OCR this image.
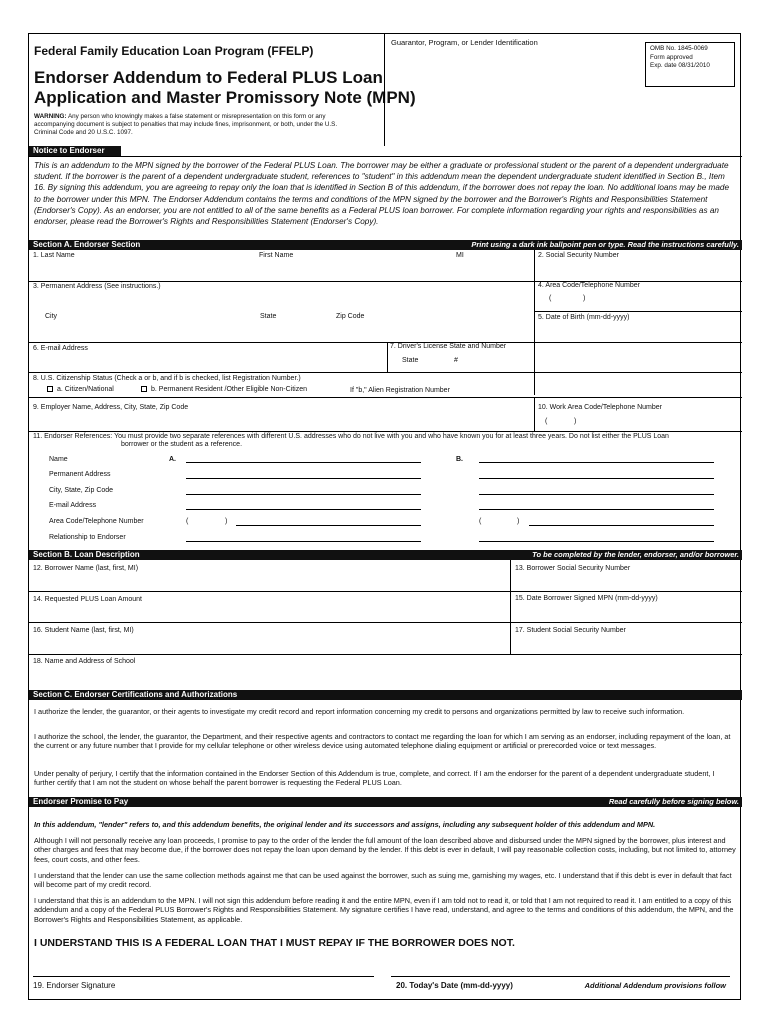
Federal Family Education Loan Program (FFELP)
Endorser Addendum to Federal PLUS Loan
Application and Master Promissory Note (MPN)
WARNING: Any person who knowingly makes a false statement or misrepresentation on this form or any accompanying document is subject to penalties that may include fines, imprisonment, or both, under the U.S. Criminal Code and 20 U.S.C. 1097.
Guarantor, Program, or Lender Identification
OMB No. 1845-0069
Form approved
Exp. date 08/31/2010
Notice to Endorser
This is an addendum to the MPN signed by the borrower of the Federal PLUS Loan. The borrower may be either a graduate or professional student or the parent of a dependent undergraduate student. If the borrower is the parent of a dependent undergraduate student, references to "student" in this addendum mean the dependent undergraduate student identified in Section B., Item 16. By signing this addendum, you are agreeing to repay only the loan that is identified in Section B of this addendum, if the borrower does not repay the loan. No additional loans may be made to the borrower under this MPN. The Endorser Addendum contains the terms and conditions of the MPN signed by the borrower and the Borrower's Rights and Responsibilities Statement (Endorser's Copy). As an endorser, you are not entitled to all of the same benefits as a Federal PLUS loan borrower. For complete information regarding your rights and responsibilities as an endorser, please read the Borrower's Rights and Responsibilities Statement (Endorser's Copy).
Section A. Endorser Section	Print using a dark ink ballpoint pen or type. Read the instructions carefully.
1. Last Name	First Name	MI	2. Social Security Number
3. Permanent Address (See instructions.)	4. Area Code/Telephone Number
(	)
City	State	Zip Code	5. Date of Birth (mm-dd-yyyy)
6. E-mail Address	7. Driver's License State and Number
State	#
8. U.S. Citizenship Status (Check a or b, and if b is checked, list Registration Number.)
a. Citizen/National	b. Permanent Resident /Other Eligible Non-Citizen	If "b," Alien Registration Number
9. Employer Name, Address, City, State, Zip Code	10. Work Area Code/Telephone Number
(	)
11. Endorser References: You must provide two separate references with different U.S. addresses who do not live with you and who have known you for at least three years. Do not list either the PLUS Loan
borrower or the student as a reference.
Name	A.	B.
Permanent Address
City, State, Zip Code
E-mail Address
Area Code/Telephone Number	(	)	(	)
Relationship to Endorser
Section B. Loan Description	To be completed by the lender, endorser, and/or borrower.
12. Borrower Name (last, first, MI)	13. Borrower Social Security Number
14. Requested PLUS Loan Amount	15. Date Borrower Signed MPN (mm-dd-yyyy)
16. Student Name (last, first, MI)	17. Student Social Security Number
18. Name and Address of School
Section C. Endorser Certifications and Authorizations
I authorize the lender, the guarantor, or their agents to investigate my credit record and report information concerning my credit to persons and organizations permitted by law to receive such information.
I authorize the school, the lender, the guarantor, the Department, and their respective agents and contractors to contact me regarding the loan for which I am serving as an endorser, including repayment of the loan, at the current or any future number that I provide for my cellular telephone or other wireless device using automated telephone dialing equipment or artificial or prerecorded voice or text messages.
Under penalty of perjury, I certify that the information contained in the Endorser Section of this Addendum is true, complete, and correct. If I am the endorser for the parent of a dependent undergraduate student, I further certify that I am not the student on whose behalf the parent borrower is requesting the Federal PLUS Loan.
Endorser Promise to Pay	Read carefully before signing below.
In this addendum, "lender" refers to, and this addendum benefits, the original lender and its successors and assigns, including any subsequent holder of this addendum and MPN.
Although I will not personally receive any loan proceeds, I promise to pay to the order of the lender the full amount of the loan described above and disbursed under the MPN signed by the borrower, plus interest and other charges and fees that may become due, if the borrower does not repay the loan upon demand by the lender. If this debt is ever in default, I will pay reasonable collection costs, including, but not limited to, attorney fees, court costs, and other fees.
I understand that the lender can use the same collection methods against me that can be used against the borrower, such as suing me, garnishing my wages, etc. I understand that if this debt is ever in default that fact will become part of my credit record.
I understand that this is an addendum to the MPN. I will not sign this addendum before reading it and the entire MPN, even if I am told not to read it, or told that I am not required to read it. I am entitled to a copy of this addendum and a copy of the Federal PLUS Borrower's Rights and Responsibilities Statement. My signature certifies I have read, understand, and agree to the terms and conditions of this addendum, the MPN, and the Borrower's Rights and Responsibilities Statement, as applicable.
I UNDERSTAND THIS IS A FEDERAL LOAN THAT I MUST REPAY IF THE BORROWER DOES NOT.
19. Endorser Signature	20. Today's Date (mm-dd-yyyy)	Additional Addendum provisions follow
